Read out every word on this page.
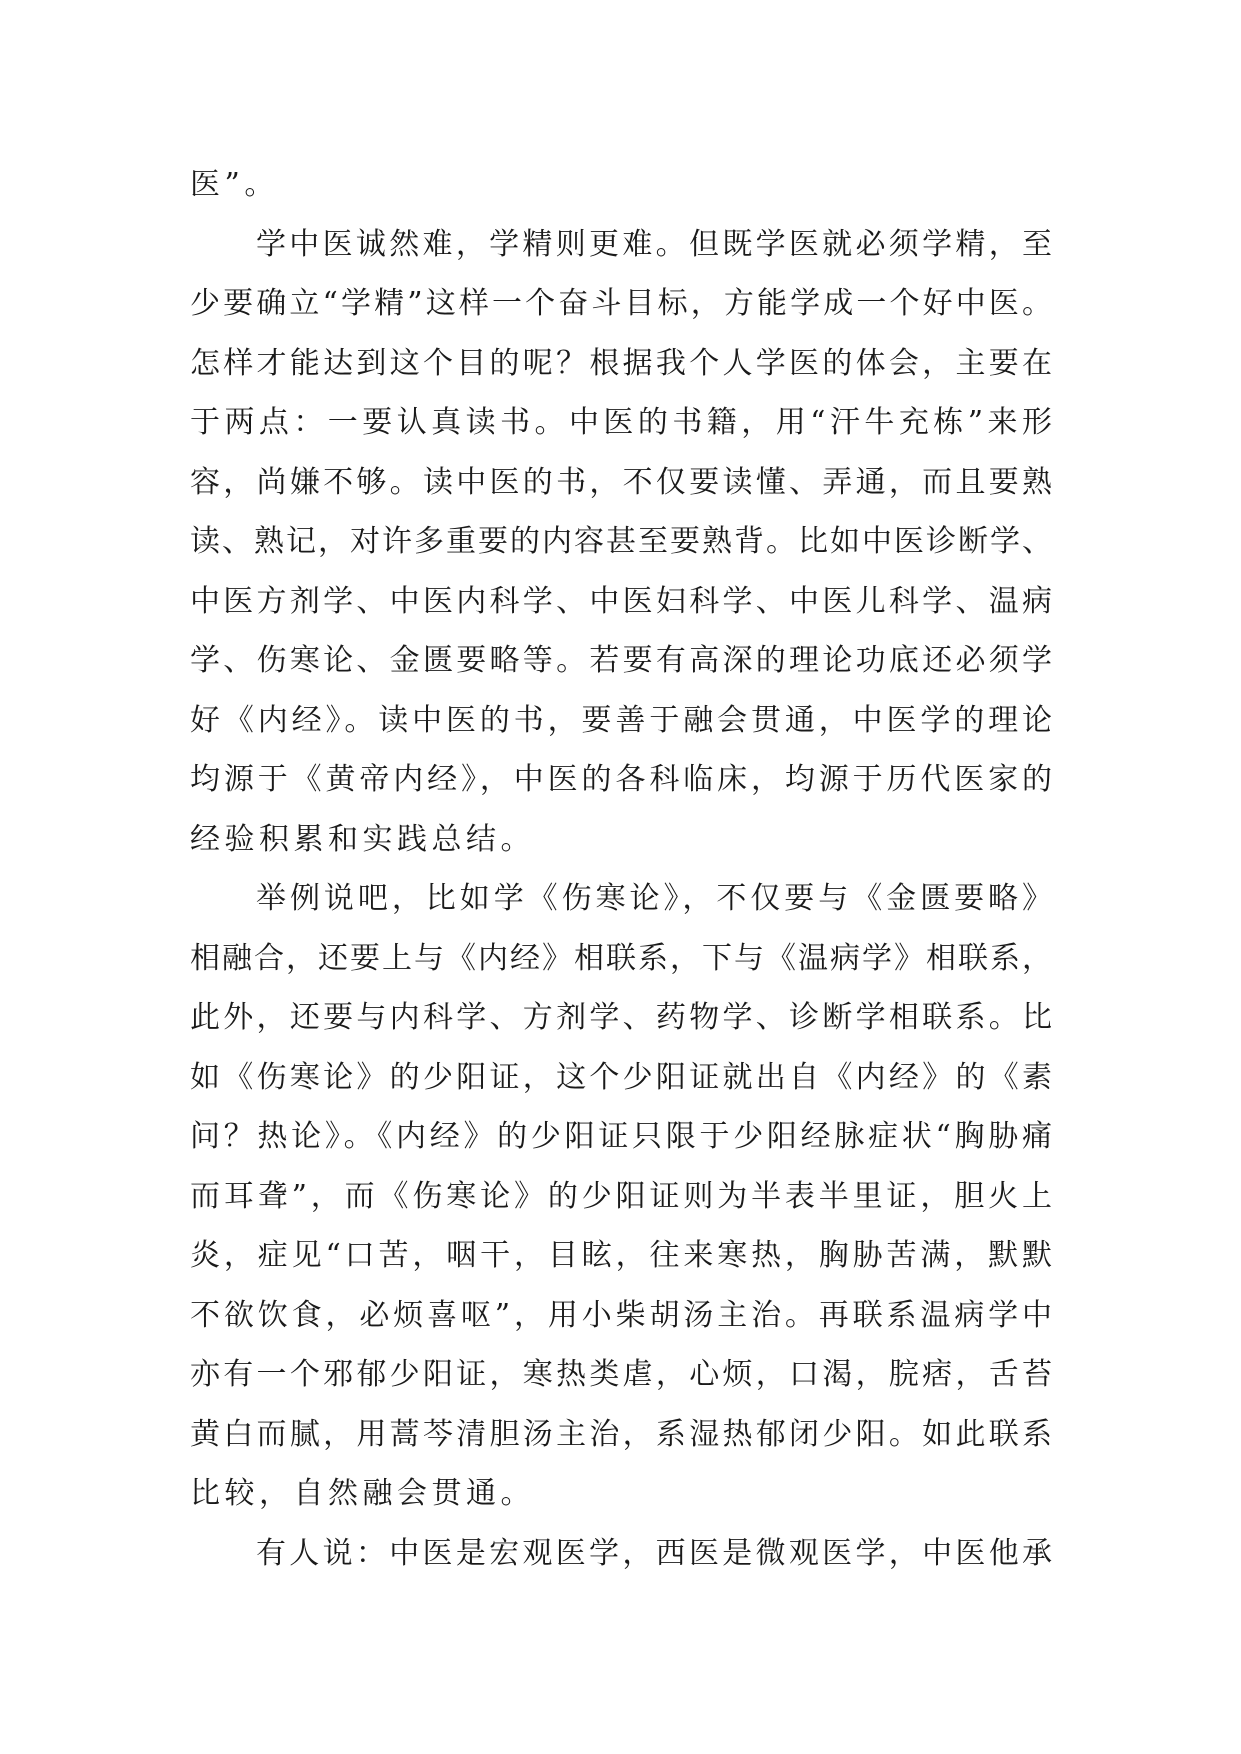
医”。
学中医诚然难，学精则更难。但既学医就必须学精，至
少要确立“学精”这样一个奋斗目标，方能学成一个好中医。
怎样才能达到这个目的呢？根据我个人学医的体会，主要在
于两点：一要认真读书。中医的书籍，用“汗牛充栋”来形
容，尚嫌不够。读中医的书，不仅要读懂、弄通，而且要熟
读、熟记，对许多重要的内容甚至要熟背。比如中医诊断学、
中医方剂学、中医内科学、中医妇科学、中医儿科学、温病
学、伤寒论、金匮要略等。若要有高深的理论功底还必须学
好《内经》。读中医的书，要善于融会贯通，中医学的理论
均源于《黄帝内经》，中医的各科临床，均源于历代医家的
经验积累和实践总结。
举例说吧，比如学《伤寒论》，不仅要与《金匮要略》
相融合，还要上与《内经》相联系，下与《温病学》相联系，
此外，还要与内科学、方剂学、药物学、诊断学相联系。比
如《伤寒论》的少阳证，这个少阳证就出自《内经》的《素
问？热论》。《内经》的少阳证只限于少阳经脉症状“胸胁痛
而耳聋”，而《伤寒论》的少阳证则为半表半里证，胆火上
炎，症见“口苦，咽干，目眩，往来寒热，胸胁苦满，默默
不欲饮食，必烦喜呕”，用小柴胡汤主治。再联系温病学中
亦有一个邪郁少阳证，寒热类虐，心烦，口渴，脘痞，舌苔
黄白而腻，用蒿芩清胆汤主治，系湿热郁闭少阳。如此联系
比较，自然融会贯通。
有人说：中医是宏观医学，西医是微观医学，中医他承
